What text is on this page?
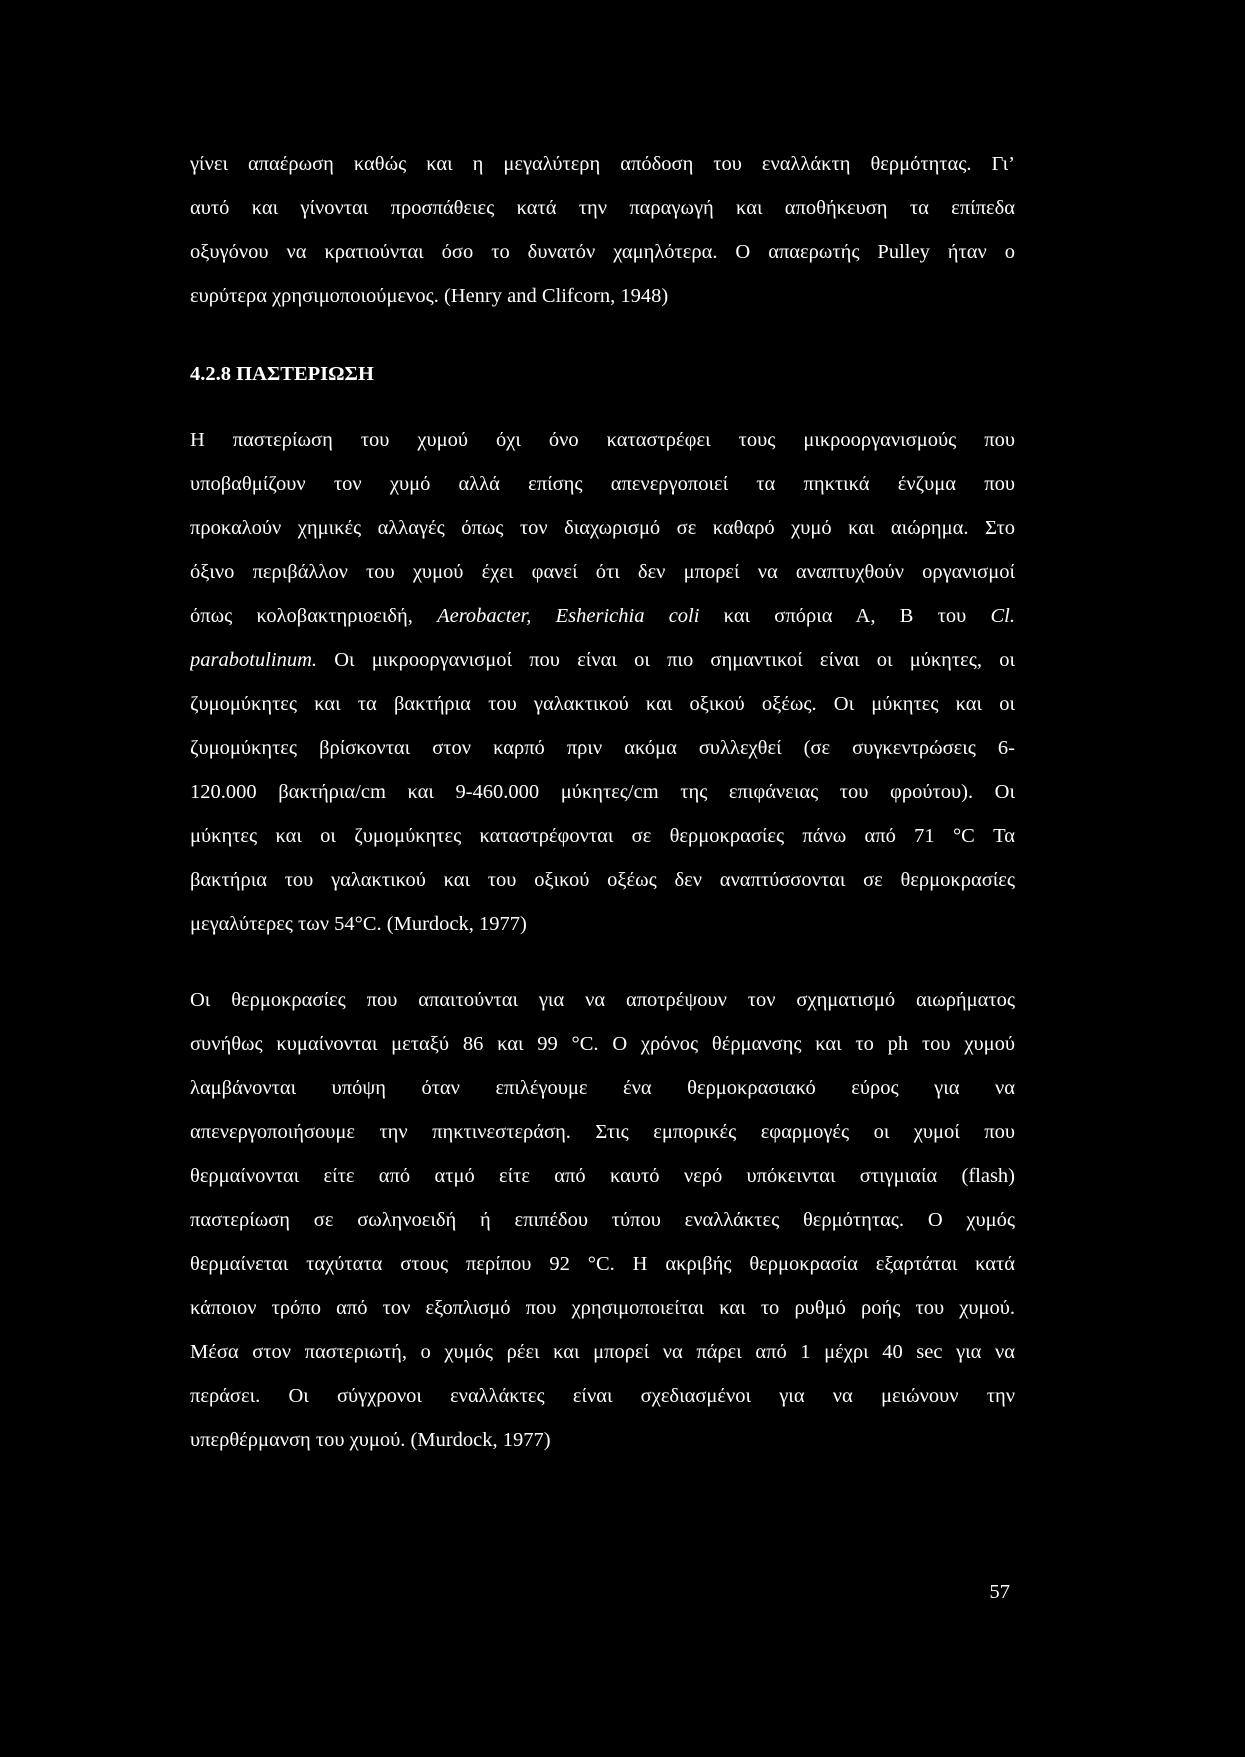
γίνει απαέρωση καθώς και η μεγαλύτερη απόδοση του εναλλάκτη θερμότητας. Γι’
αυτό και γίνονται προσπάθειες κατά την παραγωγή και αποθήκευση τα επίπεδα
οξυγόνου να κρατιούνται όσο το δυνατόν χαμηλότερα. Ο απαερωτής Pulley ήταν ο
ευρύτερα χρησιμοποιούμενος. (Henry and Clifcorn, 1948)
4.2.8 ΠΑΣΤΕΡΙΩΣΗ
Η παστερίωση του χυμού όχι όνο καταστρέφει τους μικροοργανισμούς που
υποβαθμίζουν τον χυμό αλλά επίσης απενεργοποιεί τα πηκτικά ένζυμα που
προκαλούν χημικές αλλαγές όπως τον διαχωρισμό σε καθαρό χυμό και αιώρημα. Στο
όξινο περιβάλλον του χυμού έχει φανεί ότι δεν μπορεί να αναπτυχθούν οργανισμοί
όπως κολοβακτηριοειδή, Aerobacter, Esherichia coli και σπόρια Α, Β του Cl.
parabotulinum. Οι μικροοργανισμοί που είναι οι πιο σημαντικοί είναι οι μύκητες, οι
ζυμομύκητες και τα βακτήρια του γαλακτικού και οξικού οξέως. Οι μύκητες και οι
ζυμομύκητες βρίσκονται στον καρπό πριν ακόμα συλλεχθεί (σε συγκεντρώσεις 6-
120.000 βακτήρια/cm και 9-460.000 μύκητες/cm της επιφάνειας του φρούτου). Οι
μύκητες και οι ζυμομύκητες καταστρέφονται σε θερμοκρασίες πάνω από 71 °C Τα
βακτήρια του γαλακτικού και του οξικού οξέως δεν αναπτύσσονται σε θερμοκρασίες
μεγαλύτερες των 54°C. (Murdock, 1977)
Οι θερμοκρασίες που απαιτούνται για να αποτρέψουν τον σχηματισμό αιωρήματος
συνήθως κυμαίνονται μεταξύ 86 και 99 °C. Ο χρόνος θέρμανσης και το ph του χυμού
λαμβάνονται υπόψη όταν επιλέγουμε ένα θερμοκρασιακό εύρος για να
απενεργοποιήσουμε την πηκτινεστεράση. Στις εμπορικές εφαρμογές οι χυμοί που
θερμαίνονται είτε από ατμό είτε από καυτό νερό υπόκεινται στιγμιαία (flash)
παστερίωση σε σωληνοειδή ή επιπέδου τύπου εναλλάκτες θερμότητας. Ο χυμός
θερμαίνεται ταχύτατα στους περίπου 92 °C. Η ακριβής θερμοκρασία εξαρτάται κατά
κάποιον τρόπο από τον εξοπλισμό που χρησιμοποιείται και το ρυθμό ροής του χυμού.
Μέσα στον παστεριωτή, ο χυμός ρέει και μπορεί να πάρει από 1 μέχρι 40 sec για να
περάσει. Οι σύγχρονοι εναλλάκτες είναι σχεδιασμένοι για να μειώνουν την
υπερθέρμανση του χυμού. (Murdock, 1977)
57
